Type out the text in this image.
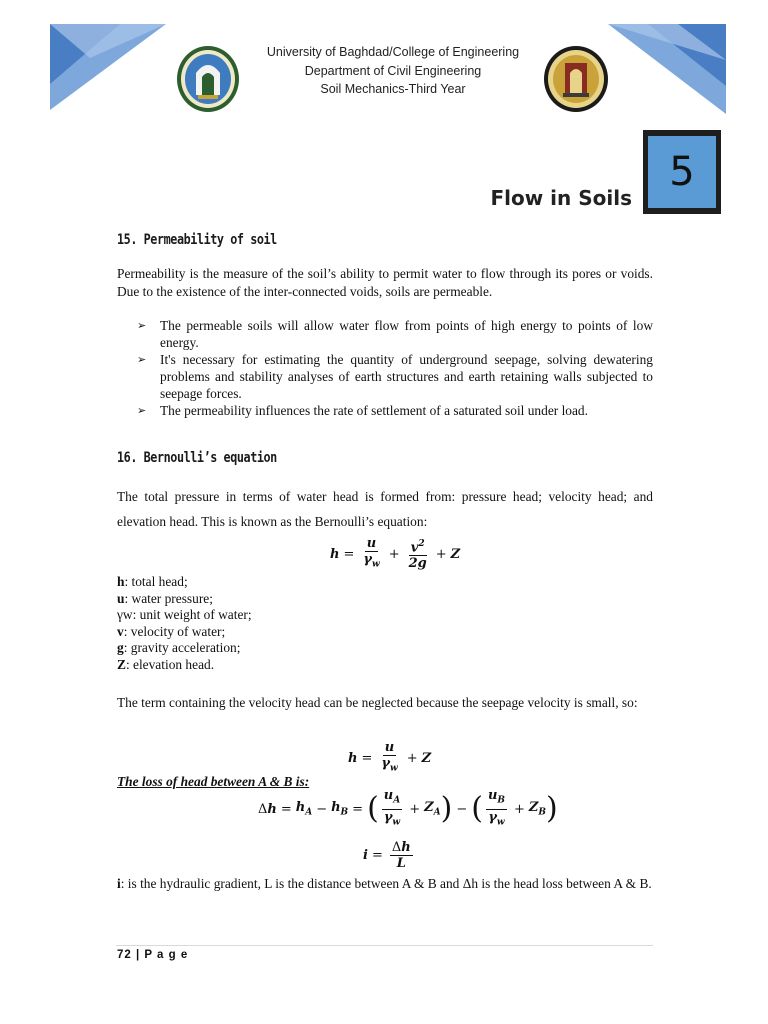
University of Baghdad/College of Engineering
Department of Civil Engineering
Soil Mechanics-Third Year
Flow in Soils
5
15. Permeability of soil
Permeability is the measure of the soil’s ability to permit water to flow through its pores or voids. Due to the existence of the inter-connected voids, soils are permeable.
➢ The permeable soils will allow water flow from points of high energy to points of low energy.
➢ It's necessary for estimating the quantity of underground seepage, solving dewatering problems and stability analyses of earth structures and earth retaining walls subjected to seepage forces.
➢ The permeability influences the rate of settlement of a saturated soil under load.
16. Bernoulli’s equation
The total pressure in terms of water head is formed from: pressure head; velocity head; and elevation head. This is known as the Bernoulli’s equation:
$h = \frac{u}{\gamma_w} + \frac{v^2}{2g} + Z$
h: total head;
u: water pressure;
γw: unit weight of water;
v: velocity of water;
g: gravity acceleration;
Z: elevation head.
The term containing the velocity head can be neglected because the seepage velocity is small, so:
$h = \frac{u}{\gamma_w} + Z$
The loss of head between A & B is:
Δ $h = h_A - h_B$ = ( $\frac{u_A}{\gamma_w} + Z_A$ ) − ( $\frac{u_B}{\gamma_w} + Z_B$ )
$i = \frac{\Delta h}{L}$
i: is the hydraulic gradient, L is the distance between A & B and Δh is the head loss between A & B.
72 | P a g e
